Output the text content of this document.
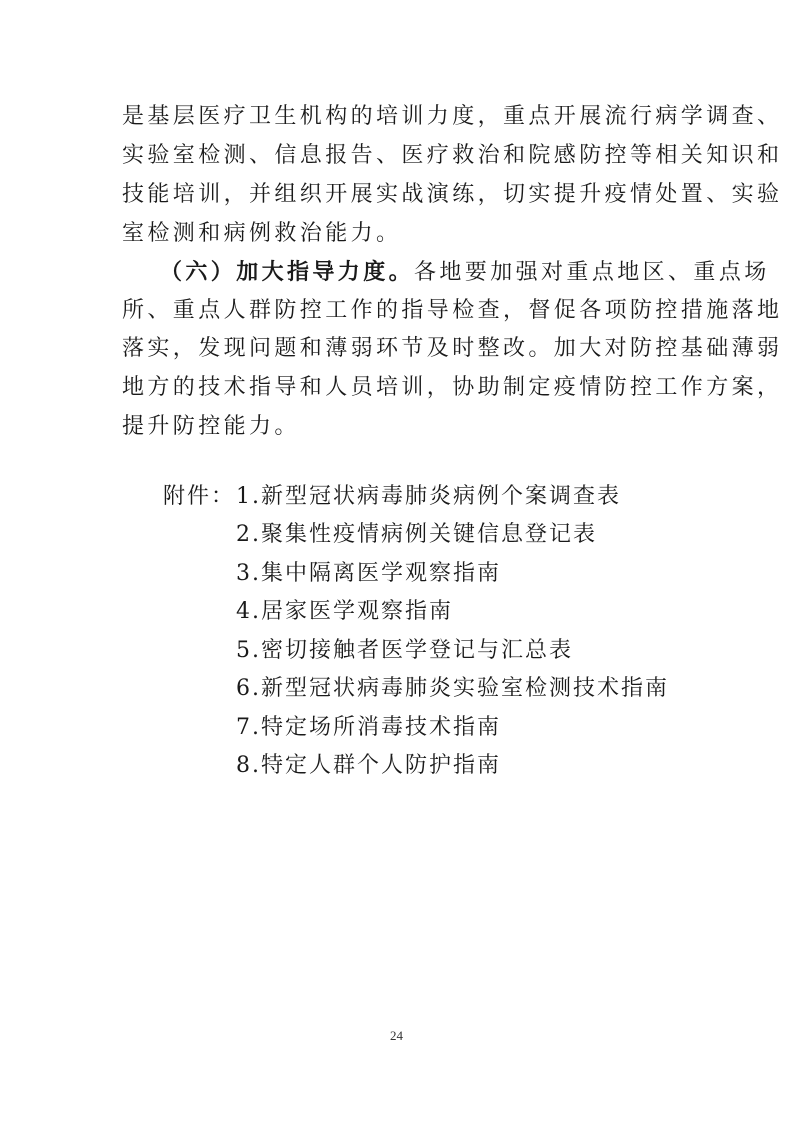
是基层医疗卫生机构的培训力度，重点开展流行病学调查、
实验室检测、信息报告、医疗救治和院感防控等相关知识和
技能培训，并组织开展实战演练，切实提升疫情处置、实验
室检测和病例救治能力。
（六）加大指导力度。各地要加强对重点地区、重点场
所、重点人群防控工作的指导检查，督促各项防控措施落地
落实，发现问题和薄弱环节及时整改。加大对防控基础薄弱
地方的技术指导和人员培训，协助制定疫情防控工作方案，
提升防控能力。
附件： 1.新型冠状病毒肺炎病例个案调查表
2.聚集性疫情病例关键信息登记表
3.集中隔离医学观察指南
4.居家医学观察指南
5.密切接触者医学登记与汇总表
6.新型冠状病毒肺炎实验室检测技术指南
7.特定场所消毒技术指南
8.特定人群个人防护指南
24
